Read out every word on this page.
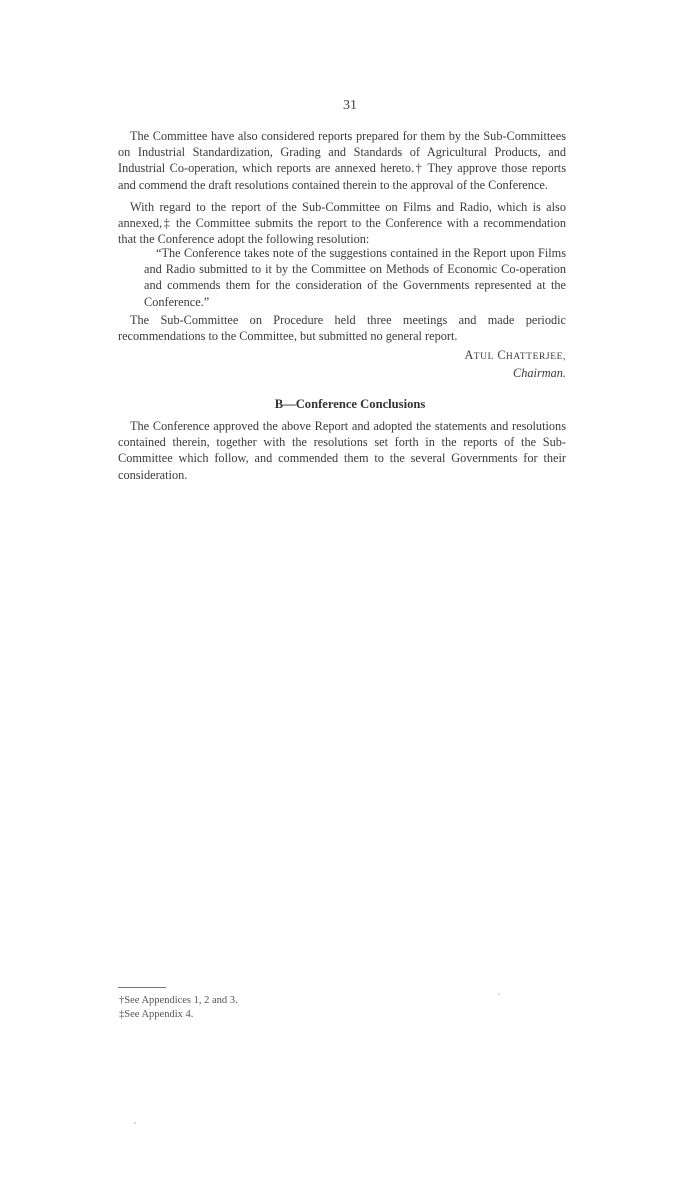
31

The Committee have also considered reports prepared for them by the Sub-Committees on Industrial Standardization, Grading and Standards of Agricultural Products, and Industrial Co-operation, which reports are annexed hereto.† They approve those reports and commend the draft resolutions contained therein to the approval of the Conference.

With regard to the report of the Sub-Committee on Films and Radio, which is also annexed,‡ the Committee submits the report to the Conference with a recommendation that the Conference adopt the following resolution:

“The Conference takes note of the suggestions contained in the Report upon Films and Radio submitted to it by the Committee on Methods of Economic Co-operation and commends them for the consideration of the Governments represented at the Conference.”

The Sub-Committee on Procedure held three meetings and made periodic recommendations to the Committee, but submitted no general report.

ATUL CHATTERJEE,
Chairman.
B—Conference Conclusions

The Conference approved the above Report and adopted the statements and resolutions contained therein, together with the resolutions set forth in the reports of the Sub-Committee which follow, and commended them to the several Governments for their consideration.

†See Appendices 1, 2 and 3.
‡See Appendix 4.
